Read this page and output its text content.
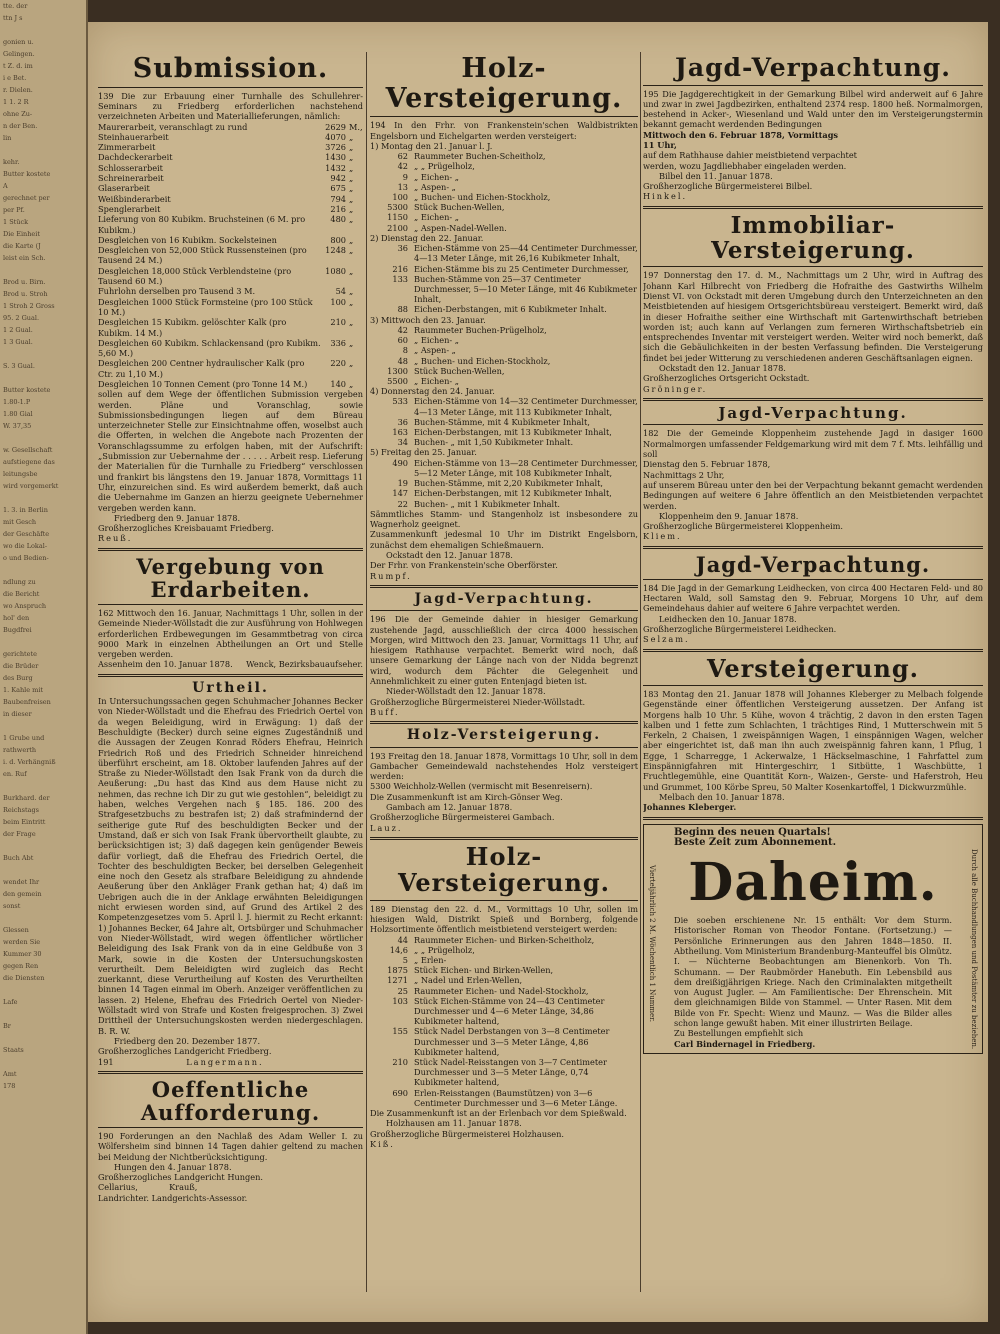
tte. der
ttn J s

gonien u.
Gelingen.
t Z. d. im
i e Bet.
r. Dielen.
1 1. 2 R
ohne Zu-
n der Ben.
lin

kehr.
Butter kostete
A
gerechnet per
per Pf.
1 Stück
Die Einheit
die Karte (J
leist ein Sch.

Brod u. Birn.
Brod u. Stroh
1 Stroh 2 Gross
95. 2 Gual.
1 2 Gual.
1 3 Gual.

S. 3 Gual.

Butter kostete
1.80-1.P
1.80 Gial
W. 37,35

w. Gesellschaft
aufstiegene das
leitungsbe
wird vorgemerkt

1. 3. in Berlin
mit Gesch
der Geschäfte
wo die Lokal-
o und Bedien-

ndlung zu
die Bericht
wo Anspruch
hol' den
Bugdfrei

gerichtete
die Brüder
des Burg
1. Kahle mit
Baubenfreisen
in dieser

1 Grube und
rathwerth
i. d. Verhängniß
en. Ruf

Burkhard. der
Reichstags
beim Eintritt
der Frage

Buch Abt

wendet Ihr
den gemein
sonst

Glessen
werden Sie
Kummer 30
gegen Ren
die Diensten

Lafe

Br

Staats

Amt
178
Submission.

139 Die zur Erbauung einer Turnhalle des Schullehrer-Seminars zu Friedberg erforderlichen nachstehend verzeichneten Arbeiten und Materiallieferungen, nämlich:

Maurerarbeit, veranschlagt zu rund	2629	M.,
Steinhauerarbeit	4070	„
Zimmerarbeit	3726	„
Dachdeckerarbeit	1430	„
Schlosserarbeit	1432	„
Schreinerarbeit	942	„
Glaserarbeit	675	„
Weißbinderarbeit	794	„
Spenglerarbeit	216	„
Lieferung von 80 Kubikm. Bruchsteinen (6 M. pro Kubikm.)	480	„
Desgleichen von 16 Kubikm. Sockelsteinen	800	„
Desgleichen von 52,000 Stück Russensteinen (pro Tausend 24 M.)	1248	„
Desgleichen 18,000 Stück Verblendsteine (pro Tausend 60 M.)	1080	„
Fuhrlohn derselben pro Tausend 3 M.	54	„
Desgleichen 1000 Stück Formsteine (pro 100 Stück 10 M.)	100	„
Desgleichen 15 Kubikm. gelöschter Kalk (pro Kubikm. 14 M.)	210	„
Desgleichen 60 Kubikm. Schlackensand (pro Kubikm. 5,60 M.)	336	„
Desgleichen 200 Centner hydraulischer Kalk (pro Ctr. zu 1,10 M.)	220	„
Desgleichen 10 Tonnen Cement (pro Tonne 14 M.)	140	„

sollen auf dem Wege der öffentlichen Submission vergeben werden. Pläne und Voranschlag, sowie Submissionsbedingungen liegen auf dem Büreau unterzeichneter Stelle zur Einsichtnahme offen, woselbst auch die Offerten, in welchen die Angebote nach Prozenten der Voranschlagssumme zu erfolgen haben, mit der Aufschrift: „Submission zur Uebernahme der . . . . . Arbeit resp. Lieferung der Materialien für die Turnhalle zu Friedberg“ verschlossen und frankirt bis längstens den 19. Januar 1878, Vormittags 11 Uhr, einzureichen sind. Es wird außerdem bemerkt, daß auch die Uebernahme im Ganzen an hierzu geeignete Uebernehmer vergeben werden kann.

Friedberg den 9. Januar 1878.

Großherzogliches Kreisbauamt Friedberg.

Reuß.

Vergebung von Erdarbeiten.

162 Mittwoch den 16. Januar, Nachmittags 1 Uhr, sollen in der Gemeinde Nieder-Wöllstadt die zur Ausführung von Hohlwegen erforderlichen Erdbewegungen im Gesammtbetrag von circa 9000 Mark in einzelnen Abtheilungen an Ort und Stelle vergeben werden.

Assenheim den 10. Januar 1878. Wenck, Bezirksbauaufseher.

Urtheil.

In Untersuchungssachen gegen Schuhmacher Johannes Becker von Nieder-Wöllstadt und die Ehefrau des Friedrich Oertel von da wegen Beleidigung, wird in Erwägung: 1) daß der Beschuldigte (Becker) durch seine eignes Zugeständniß und die Aussagen der Zeugen Konrad Röders Ehefrau, Heinrich Friedrich Roß und des Friedrich Schneider hinreichend überführt erscheint, am 18. Oktober laufenden Jahres auf der Straße zu Nieder-Wöllstadt den Isak Frank von da durch die Aeußerung: „Du hast das Kind aus dem Hause nicht zu nehmen, das rechne ich Dir zu gut wie gestohlen“, beleidigt zu haben, welches Vergehen nach § 185. 186. 200 des Strafgesetzbuchs zu bestrafen ist; 2) daß strafmindernd der seitherige gute Ruf des beschuldigten Becker und der Umstand, daß er sich von Isak Frank übervortheilt glaubte, zu berücksichtigen ist; 3) daß dagegen kein genügender Beweis dafür vorliegt, daß die Ehefrau des Friedrich Oertel, die Tochter des beschuldigten Becker, bei derselben Gelegenheit eine noch den Gesetz als strafbare Beleidigung zu ahndende Aeußerung über den Ankläger Frank gethan hat; 4) daß im Uebrigen auch die in der Anklage erwähnten Beleidigungen nicht erwiesen worden sind, auf Grund des Artikel 2 des Kompetenzgesetzes vom 5. April l. J. hiermit zu Recht erkannt: 1) Johannes Becker, 64 Jahre alt, Ortsbürger und Schuhmacher von Nieder-Wöllstadt, wird wegen öffentlicher wörtlicher Beleidigung des Isak Frank von da in eine Geldbuße von 3 Mark, sowie in die Kosten der Untersuchungskosten verurtheilt. Dem Beleidigten wird zugleich das Recht zuerkannt, diese Verurtheilung auf Kosten des Verurtheilten binnen 14 Tagen einmal im Oberh. Anzeiger veröffentlichen zu lassen. 2) Helene, Ehefrau des Friedrich Oertel von Nieder-Wöllstadt wird von Strafe und Kosten freigesprochen. 3) Zwei Drittheil der Untersuchungskosten werden niedergeschlagen. B. R. W.

Friedberg den 20. Dezember 1877.

Großherzogliches Landgericht Friedberg.

191	Langermann.

Oeffentliche Aufforderung.

190 Forderungen an den Nachlaß des Adam Weller I. zu Wölfersheim sind binnen 14 Tagen dahier geltend zu machen bei Meidung der Nichtberücksichtigung.

Hungen den 4. Januar 1878.

Großherzogliches Landgericht Hungen.

Cellarius,            Krauß,

Landrichter. Landgerichts-Assessor.

Holz-Versteigerung.

194 In den Frhr. von Frankenstein'schen Waldbistrikten Engelsborn und Eichelgarten werden versteigert:

1) Montag den 21. Januar l. J.

62 Raummeter Buchen-Scheitholz,
42 „ „ Prügelholz,
9 „ Eichen- „
13 „ Aspen- „
100 „ Buchen- und Eichen-Stockholz,
5300 Stück Buchen-Wellen,
1150 „ Eichen- „
2100 „ Aspen-Nadel-Wellen.

2) Dienstag den 22. Januar.

36 Eichen-Stämme von 25—44 Centimeter Durchmesser, 4—13 Meter Länge, mit 26,16 Kubikmeter Inhalt,
216 Eichen-Stämme bis zu 25 Centimeter Durchmesser,
133 Buchen-Stämme von 25—37 Centimeter Durchmesser, 5—10 Meter Länge, mit 46 Kubikmeter Inhalt,
88 Eichen-Derbstangen, mit 6 Kubikmeter Inhalt.

3) Mittwoch den 23. Januar.

42 Raummeter Buchen-Prügelholz,
60 „ Eichen- „
8 „ Aspen- „
48 „ Buchen- und Eichen-Stockholz,
1300 Stück Buchen-Wellen,
5500 „ Eichen- „

4) Donnerstag den 24. Januar.

533 Eichen-Stämme von 14—32 Centimeter Durchmesser, 4—13 Meter Länge, mit 113 Kubikmeter Inhalt,
36 Buchen-Stämme, mit 4 Kubikmeter Inhalt,
163 Eichen-Derbstangen, mit 13 Kubikmeter Inhalt,
34 Buchen- „ mit 1,50 Kubikmeter Inhalt.

5) Freitag den 25. Januar.

490 Eichen-Stämme von 13—28 Centimeter Durchmesser, 5—12 Meter Länge, mit 108 Kubikmeter Inhalt,
19 Buchen-Stämme, mit 2,20 Kubikmeter Inhalt,
147 Eichen-Derbstangen, mit 12 Kubikmeter Inhalt,
22 Buchen- „ mit 1 Kubikmeter Inhalt.

Sämmtliches Stamm- und Stangenholz ist insbesondere zu Wagnerholz geeignet.

Zusammenkunft jedesmal 10 Uhr im Distrikt Engelsborn, zunächst dem ehemaligen Schießmauern.

Ockstadt den 12. Januar 1878.

Der Frhr. von Frankenstein'sche Oberförster.

Rumpf.

Jagd-Verpachtung.

196 Die der Gemeinde dahier in hiesiger Gemarkung zustehende Jagd, ausschließlich der circa 4000 hessischen Morgen, wird Mittwoch den 23. Januar, Vormittags 11 Uhr, auf hiesigem Rathhause verpachtet. Bemerkt wird noch, daß unsere Gemarkung der Länge nach von der Nidda begrenzt wird, wodurch dem Pächter die Gelegenheit und Annehmlichkeit zu einer guten Entenjagd bieten ist.

Nieder-Wöllstadt den 12. Januar 1878.

Großherzogliche Bürgermeisterei Nieder-Wöllstadt.

Buff.

Holz-Versteigerung.

193 Freitag den 18. Januar 1878, Vormittags 10 Uhr, soll in dem Gambacher Gemeindewald nachstehendes Holz versteigert werden:

5300 Weichholz-Wellen (vermischt mit Besenreisern).

Die Zusammenkunft ist am Kirch-Gönser Weg.

Gambach am 12. Januar 1878.

Großherzogliche Bürgermeisterei Gambach.

Lauz.

Holz-Versteigerung.

189 Dienstag den 22. d. M., Vormittags 10 Uhr, sollen im hiesigen Wald, Distrikt Spieß und Bornberg, folgende Holzsortimente öffentlich meistbietend versteigert werden:

44 Raummeter Eichen- und Birken-Scheitholz,
14,6 „ „ Prügelholz,
5 „ Erlen-
1875 Stück Eichen- und Birken-Wellen,
1271 „ Nadel und Erlen-Wellen,
25 Raummeter Eichen- und Nadel-Stockholz,
103 Stück Eichen-Stämme von 24—43 Centimeter Durchmesser und 4—6 Meter Länge, 34,86 Kubikmeter haltend,
155 Stück Nadel Derbstangen von 3—8 Centimeter Durchmesser und 3—5 Meter Länge, 4,86 Kubikmeter haltend,
210 Stück Nadel-Reisstangen von 3—7 Centimeter Durchmesser und 3—5 Meter Länge, 0,74 Kubikmeter haltend,
690 Erlen-Reisstangen (Baumstützen) von 3—6 Centimeter Durchmesser und 3—6 Meter Länge.

Die Zusammenkunft ist an der Erlenbach vor dem Spießwald.

Holzhausen am 11. Januar 1878.

Großherzogliche Bürgermeisterei Holzhausen.

Kiß.

Jagd-Verpachtung.

195 Die Jagdgerechtigkeit in der Gemarkung Bilbel wird anderweit auf 6 Jahre und zwar in zwei Jagdbezirken, enthaltend 2374 resp. 1800 heß. Normalmorgen, bestehend in Acker-, Wiesenland und Wald unter den im Versteigerungstermin bekannt gemacht werdenden Bedingungen

Mittwoch den 6. Februar 1878, Vormittags

11 Uhr,

auf dem Rathhause dahier meistbietend verpachtet

werden, wozu Jagdliebhaber eingeladen werden.

Bilbel den 11. Januar 1878.

Großherzogliche Bürgermeisterei Bilbel.

Hinkel.

Immobiliar-Versteigerung.

197 Donnerstag den 17. d. M., Nachmittags um 2 Uhr, wird in Auftrag des Johann Karl Hilbrecht von Friedberg die Hofraithe des Gastwirths Wilhelm Dienst VI. von Ockstadt mit deren Umgebung durch den Unterzeichneten an den Meistbietenden auf hiesigem Ortsgerichtsbüreau versteigert. Bemerkt wird, daß in dieser Hofraithe seither eine Wirthschaft mit Gartenwirthschaft betrieben worden ist; auch kann auf Verlangen zum ferneren Wirthschaftsbetrieb ein entsprechendes Inventar mit versteigert werden. Weiter wird noch bemerkt, daß sich die Gebäulichkeiten in der besten Verfassung befinden. Die Versteigerung findet bei jeder Witterung zu verschiedenen anderen Geschäftsanlagen eignen.

Ockstadt den 12. Januar 1878.

Großherzogliches Ortsgericht Ockstadt.

Gröninger.

Jagd-Verpachtung.

182 Die der Gemeinde Kloppenheim zustehende Jagd in dasiger 1600 Normalmorgen umfassender Feldgemarkung wird mit dem 7 f. Mts. leihfällig und soll

Dienstag den 5. Februar 1878,

Nachmittags 2 Uhr,

auf unserem Büreau unter den bei der Verpachtung bekannt gemacht werdenden Bedingungen auf weitere 6 Jahre öffentlich an den Meistbietenden verpachtet werden.

Kloppenheim den 9. Januar 1878.

Großherzogliche Bürgermeisterei Kloppenheim.

Kliem.

Jagd-Verpachtung.

184 Die Jagd in der Gemarkung Leidhecken, von circa 400 Hectaren Feld- und 80 Hectaren Wald, soll Samstag den 9. Februar, Morgens 10 Uhr, auf dem Gemeindehaus dahier auf weitere 6 Jahre verpachtet werden.

Leidhecken den 10. Januar 1878.

Großherzogliche Bürgermeisterei Leidhecken.

Selzam.

Versteigerung.

183 Montag den 21. Januar 1878 will Johannes Kleberger zu Melbach folgende Gegenstände einer öffentlichen Versteigerung aussetzen. Der Anfang ist Morgens halb 10 Uhr. 5 Kühe, wovon 4 trächtig, 2 davon in den ersten Tagen kalben und 1 fette zum Schlachten, 1 trächtiges Rind, 1 Mutterschwein mit 5 Ferkeln, 2 Chaisen, 1 zweispännigen Wagen, 1 einspännigen Wagen, welcher aber eingerichtet ist, daß man ihn auch zweispännig fahren kann, 1 Pflug, 1 Egge, 1 Scharregge, 1 Ackerwalze, 1 Häckselmaschine, 1 Fahrfattel zum Einspännigfahren mit Hintergeschirr, 1 Sitbütte, 1 Waschbütte, 1 Fruchtlegemühle, eine Quantität Korn-, Waizen-, Gerste- und Haferstroh, Heu und Grummet, 100 Körbe Spreu, 50 Malter Kosenkartoffel, 1 Dickwurzmühle.

Melbach den 10. Januar 1878.

Johannes Kleberger.

Beginn des neuen Quartals!

Beste Zeit zum Abonnement.

Vierteljährlich 2 M. Wöchentlich 1 Nummer.	Durch alle Buchhandlungen und Postämter zu beziehen.
Daheim.

Die soeben erschienene Nr. 15 enthält: Vor dem Sturm. Historischer Roman von Theodor Fontane. (Fortsetzung.) — Persönliche Erinnerungen aus den Jahren 1848—1850. II. Abtheilung. Vom Ministerium Brandenburg-Manteuffel bis Olmütz. I. — Nüchterne Beobachtungen am Bienenkorb. Von Th. Schumann. — Der Raubmörder Hanebuth. Ein Lebensbild aus dem dreißigjährigen Kriege. Nach den Criminalakten mitgetheilt von August Jugler. — Am Familientische: Der Ehrenschein. Mit dem gleichnamigen Bilde von Stammel. — Unter Rasen. Mit dem Bilde von Fr. Specht: Wienz und Maunz. — Was die Bilder alles schon lange gewußt haben. Mit einer illustrirten Beilage.

Zu Bestellungen empfiehlt sich

Carl Bindernagel in Friedberg.
